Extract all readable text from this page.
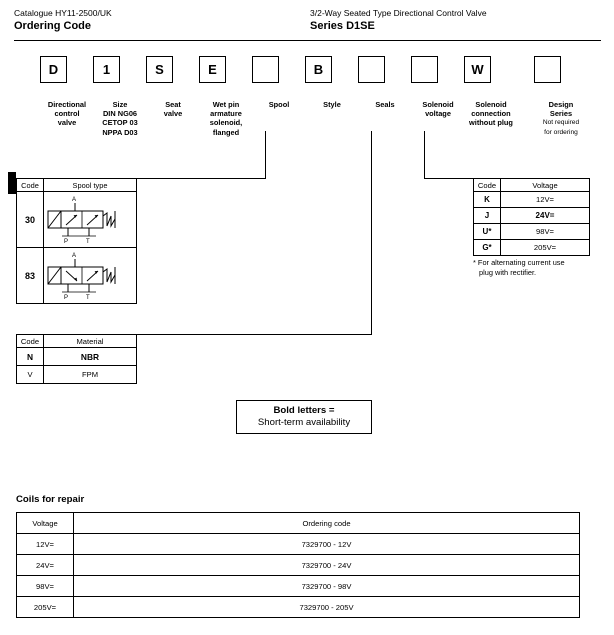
Catalogue HY11-2500/UK
Ordering Code
3/2-Way Seated Type Directional Control Valve
Series D1SE
D	1	S	E	B	W
Directional
control
valve
Size
DIN NG06
CETOP 03
NPPA D03
Seat
valve
Wet pin
armature
solenoid,
flanged
Spool	Style	Seals	Solenoid
voltage
Solenoid
connection
without plug
Design
Series
Not required
for ordering
Code	Spool type
30	A
P T

83	A
P T
Code	Material
N	NBR
V	FPM
Code	Voltage
K	12V=
J	24V=
U*	98V=
G*	205V=
* For alternating current use
plug with rectifier.
Bold letters =
Short-term availability
Coils for repair
Voltage	Ordering code
12V=	7329700 - 12V
24V=	7329700 - 24V
98V=	7329700 - 98V
205V=	7329700 - 205V
